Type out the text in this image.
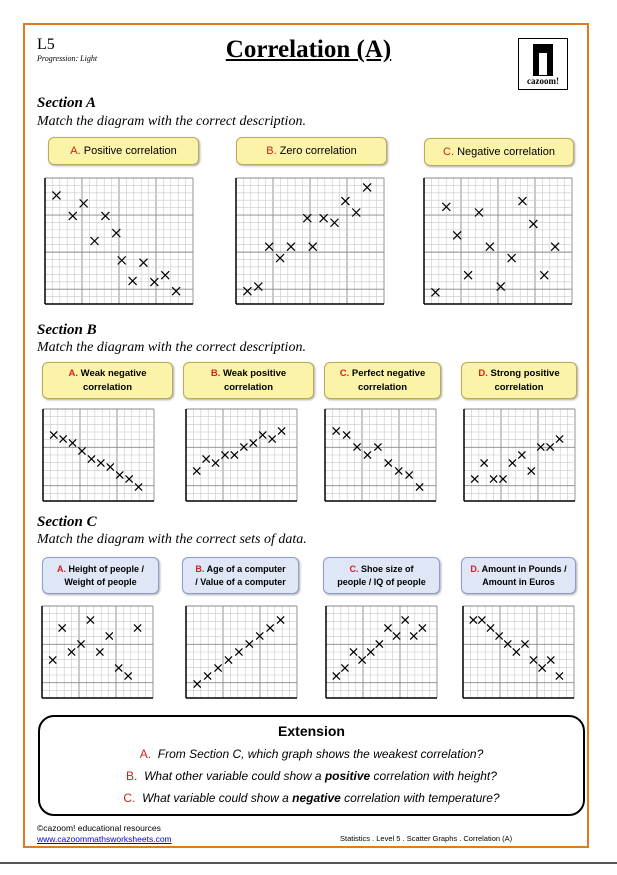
L5
Progression: Light	Correlation (A)
cazoom!
Section A
Match the diagram with the correct description.
A.
Positive correlation	B.
Zero correlation	C.
Negative correlation
Section B
Match the diagram with the correct description.
A. Weak negative
correlation
B. Weak positive
correlation
C. Perfect negative
correlation
D. Strong positive
correlation
Section C
Match the diagram with the correct sets of data.
A. Height of people /
Weight of people
B. Age of a computer
/ Value of a computer
C. Shoe size of
people / IQ of people
D. Amount in Pounds /
Amount in Euros
Extension
A. From Section C, which graph shows the weakest correlation?
B. What other variable could show a positive correlation with height?
C. What variable could show a negative correlation with temperature?
©cazoom! educational resources
www.cazoommathsworksheets.com	Statistics . Level 5 . Scatter Graphs . Correlation (A)
